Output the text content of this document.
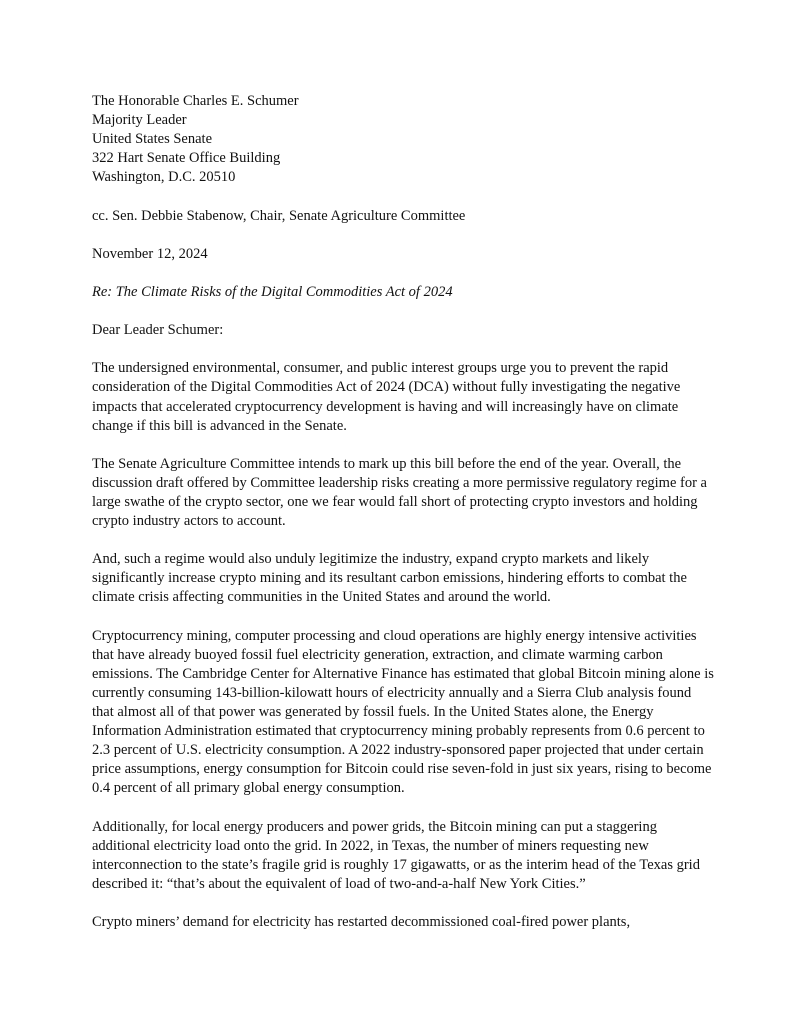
The Honorable Charles E. Schumer
Majority Leader
United States Senate
322 Hart Senate Office Building
Washington, D.C. 20510

cc. Sen. Debbie Stabenow, Chair, Senate Agriculture Committee

November 12, 2024

Re: The Climate Risks of the Digital Commodities Act of 2024

Dear Leader Schumer:

The undersigned environmental, consumer, and public interest groups urge you to prevent the rapid consideration of the Digital Commodities Act of 2024 (DCA) without fully investigating the negative impacts that accelerated cryptocurrency development is having and will increasingly have on climate change if this bill is advanced in the Senate.

The Senate Agriculture Committee intends to mark up this bill before the end of the year. Overall, the discussion draft offered by Committee leadership risks creating a more permissive regulatory regime for a large swathe of the crypto sector, one we fear would fall short of protecting crypto investors and holding crypto industry actors to account.

And, such a regime would also unduly legitimize the industry, expand crypto markets and likely significantly increase crypto mining and its resultant carbon emissions, hindering efforts to combat the climate crisis affecting communities in the United States and around the world.

Cryptocurrency mining, computer processing and cloud operations are highly energy intensive activities that have already buoyed fossil fuel electricity generation, extraction, and climate warming carbon emissions. The Cambridge Center for Alternative Finance has estimated that global Bitcoin mining alone is currently consuming 143-billion-kilowatt hours of electricity annually and a Sierra Club analysis found that almost all of that power was generated by fossil fuels. In the United States alone, the Energy Information Administration estimated that cryptocurrency mining probably represents from 0.6 percent to 2.3 percent of U.S. electricity consumption. A 2022 industry-sponsored paper projected that under certain price assumptions, energy consumption for Bitcoin could rise seven-fold in just six years, rising to become 0.4 percent of all primary global energy consumption.

Additionally, for local energy producers and power grids, the Bitcoin mining can put a staggering additional electricity load onto the grid. In 2022, in Texas, the number of miners requesting new interconnection to the state’s fragile grid is roughly 17 gigawatts, or as the interim head of the Texas grid described it: “that’s about the equivalent of load of two-and-a-half New York Cities.”

Crypto miners’ demand for electricity has restarted decommissioned coal-fired power plants,
